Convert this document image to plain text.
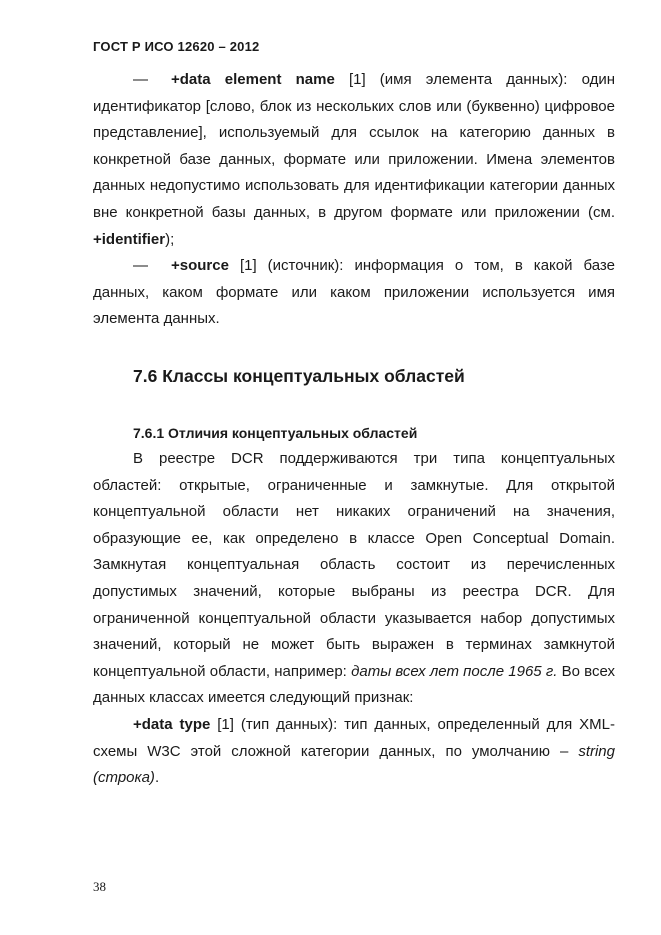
ГОСТ Р ИСО 12620 – 2012

— +data element name [1] (имя элемента данных): один идентификатор [слово, блок из нескольких слов или (буквенно) цифровое представление], используемый для ссылок на категорию данных в конкретной базе данных, формате или приложении. Имена элементов данных недопустимо использовать для идентификации категории данных вне конкретной базы данных, в другом формате или приложении (см. +identifier);

— +source [1] (источник): информация о том, в какой базе данных, каком формате или каком приложении используется имя элемента данных.

7.6 Классы концептуальных областей
7.6.1 Отличия концептуальных областей

В реестре DCR поддерживаются три типа концептуальных областей: открытые, ограниченные и замкнутые. Для открытой концептуальной области нет никаких ограничений на значения, образующие ее, как определено в классе Open Conceptual Domain. Замкнутая концептуальная область состоит из перечисленных допустимых значений, которые выбраны из реестра DCR. Для ограниченной концептуальной области указывается набор допустимых значений, который не может быть выражен в терминах замкнутой концептуальной области, например: даты всех лет после 1965 г. Во всех данных классах имеется следующий признак:

+data type [1] (тип данных): тип данных, определенный для XML-схемы W3C этой сложной категории данных, по умолчанию – string (строка).

38
